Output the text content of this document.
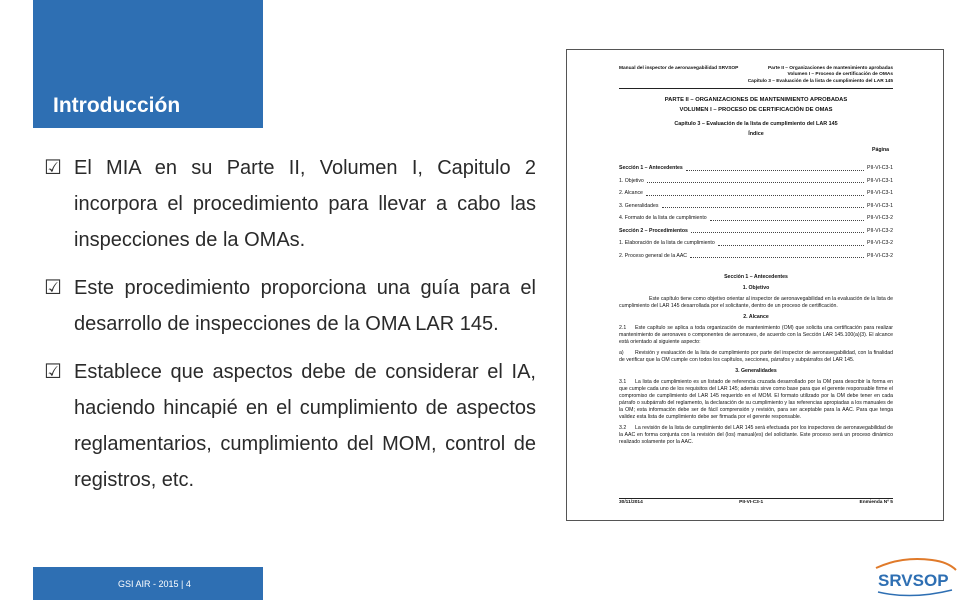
Introducción
☑ El MIA en su Parte II, Volumen I, Capitulo 2 incorpora el procedimiento para llevar a cabo las inspecciones de la OMAs.
☑ Este procedimiento proporciona una guía para el desarrollo de inspecciones de la OMA LAR 145.
☑ Establece que aspectos debe de considerar el IA, haciendo hincapié en el cumplimiento de aspectos reglamentarios, cumplimiento del MOM, control de registros, etc.
GSI AIR - 2015 | 4
Manual del inspector de aeronavegabilidad SRVSOP	Parte II – Organizaciones de mantenimiento aprobadas
Volumen I – Proceso de certificación de OMAs
Capítulo 3 – Evaluación de la lista de cumplimiento del LAR 145
PARTE II – ORGANIZACIONES DE MANTENIMIENTO APROBADAS
VOLUMEN I – PROCESO DE CERTIFICACIÓN DE OMAS
Capítulo 3 – Evaluación de la lista de cumplimiento del LAR 145
Índice
Página
Sección 1 – Antecedentes	PII-VI-C3-1
1. Objetivo	PII-VI-C3-1
2. Alcance	PII-VI-C3-1
3. Generalidades	PII-VI-C3-1
4. Formato de la lista de cumplimiento	PII-VI-C3-2
Sección 2 – Procedimientos	PII-VI-C3-2
1. Elaboración de la lista de cumplimiento	PII-VI-C3-2
2. Proceso general de la AAC	PII-VI-C3-2
Sección 1 – Antecedentes
1. Objetivo
Este capítulo tiene como objetivo orientar al inspector de aeronavegabilidad en la evaluación de la lista de cumplimiento del LAR 145 desarrollada por el solicitante, dentro de un proceso de certificación.
2. Alcance
2.1 Este capítulo se aplica a toda organización de mantenimiento (OM) que solicita una certificación para realizar mantenimiento de aeronaves o componentes de aeronaves, de acuerdo con la Sección LAR 145.100(a)(3). El alcance está orientado al siguiente aspecto:
a) Revisión y evaluación de la lista de cumplimiento por parte del inspector de aeronavegabilidad, con la finalidad de verificar que la OM cumple con todos los capítulos, secciones, párrafos y subpárrafos del LAR 145.
3. Generalidades
3.1 La lista de cumplimiento es un listado de referencia cruzada desarrollado por la OM para describir la forma en que cumple cada uno de los requisitos del LAR 145; además sirve como base para que el gerente responsable firme el compromiso de cumplimiento del LAR 145 requerido en el MOM. El formato utilizado por la OM debe tener en cada párrafo o subpárrafo del reglamento, la declaración de su cumplimiento y las referencias apropiadas a los manuales de la OM; esta información debe ser de fácil comprensión y revisión, para ser aceptable para la AAC. Para que tenga validez esta lista de cumplimiento debe ser firmada por el gerente responsable.
3.2 La revisión de la lista de cumplimiento del LAR 145 será efectuada por los inspectores de aeronavegabilidad de la AAC en forma conjunta con la revisión del (los) manual(es) del solicitante. Este proceso será un proceso dinámico realizado solamente por la AAC.
30/11/2014	PII-VI-C3-1	Enmienda Nº 5
SRVSOP
